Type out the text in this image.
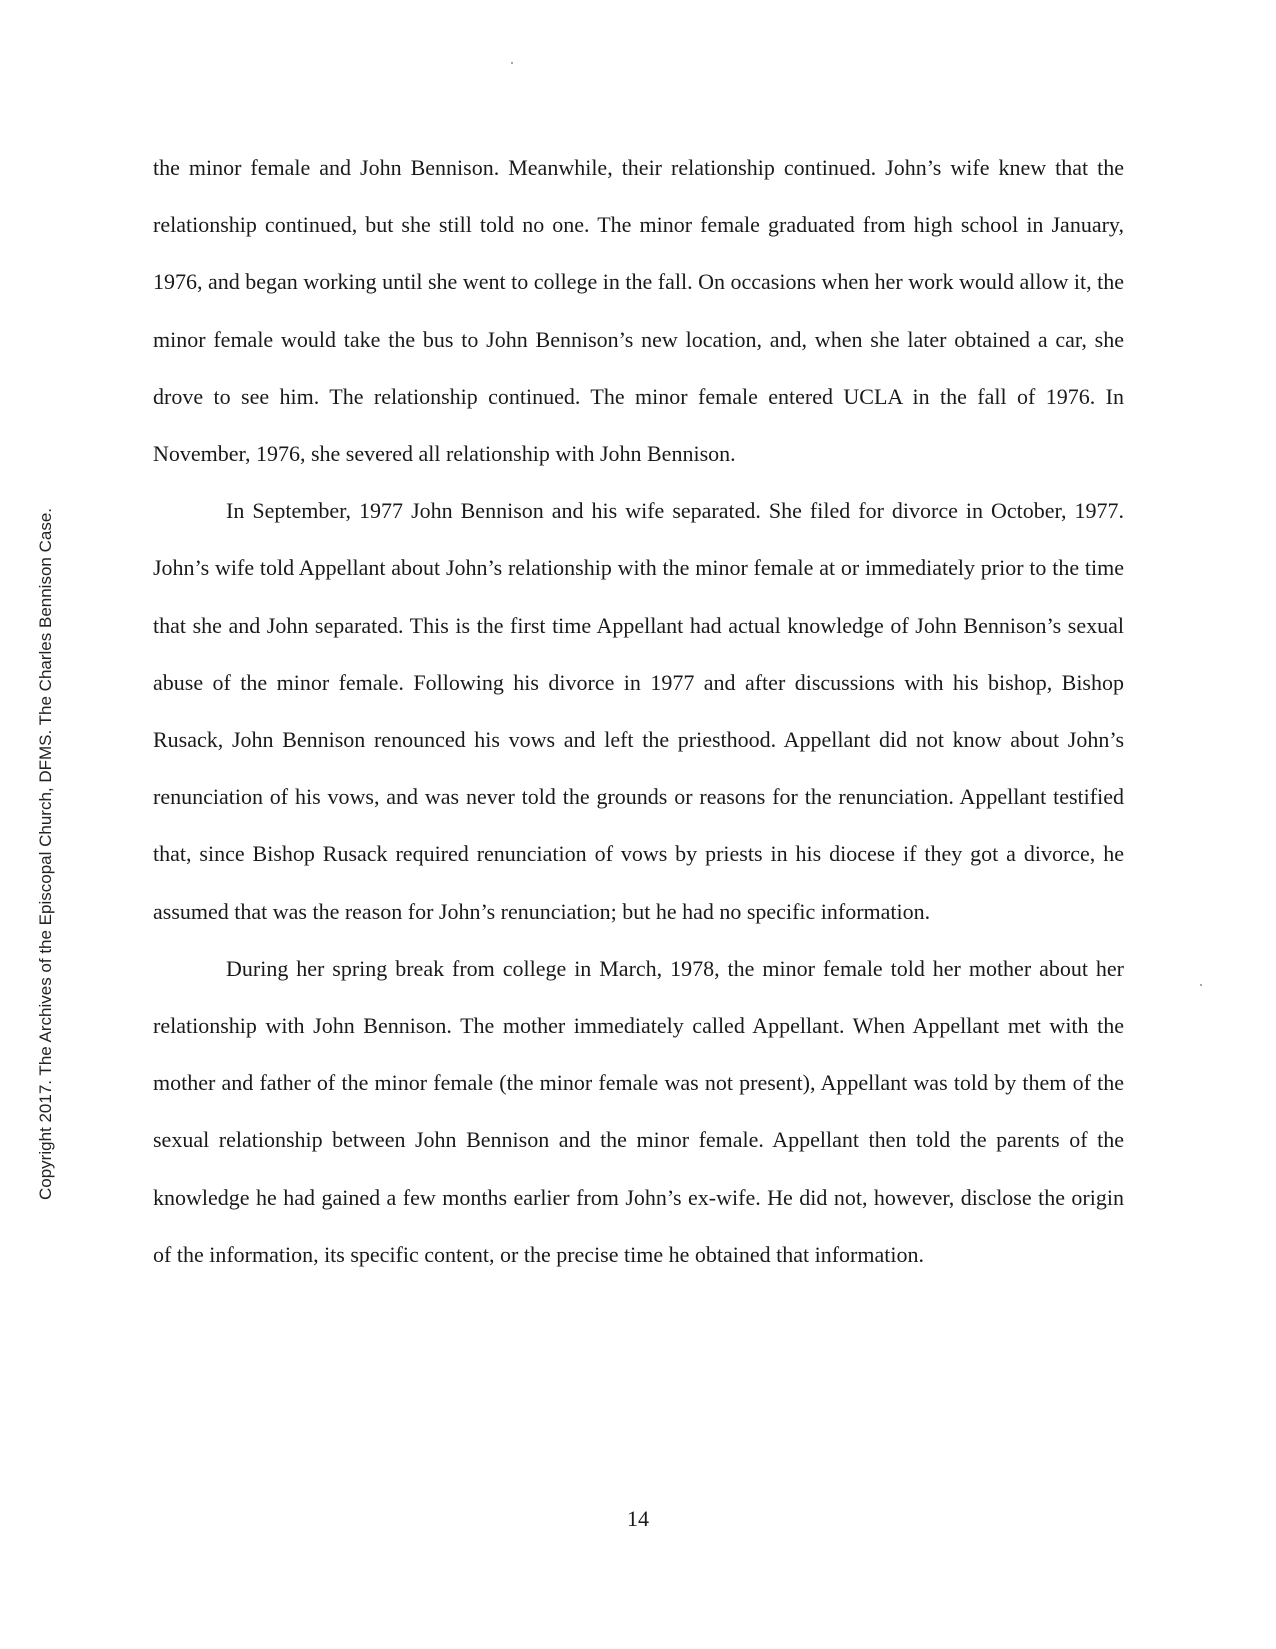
Copyright 2017. The Archives of the Episcopal Church, DFMS. The Charles Bennison Case.

the minor female and John Bennison. Meanwhile, their relationship continued. John’s wife knew that the relationship continued, but she still told no one. The minor female graduated from high school in January, 1976, and began working until she went to college in the fall. On occasions when her work would allow it, the minor female would take the bus to John Bennison’s new location, and, when she later obtained a car, she drove to see him. The relationship continued. The minor female entered UCLA in the fall of 1976. In November, 1976, she severed all relationship with John Bennison.

In September, 1977 John Bennison and his wife separated. She filed for divorce in October, 1977. John’s wife told Appellant about John’s relationship with the minor female at or immediately prior to the time that she and John separated. This is the first time Appellant had actual knowledge of John Bennison’s sexual abuse of the minor female. Following his divorce in 1977 and after discussions with his bishop, Bishop Rusack, John Bennison renounced his vows and left the priesthood. Appellant did not know about John’s renunciation of his vows, and was never told the grounds or reasons for the renunciation. Appellant testified that, since Bishop Rusack required renunciation of vows by priests in his diocese if they got a divorce, he assumed that was the reason for John’s renunciation; but he had no specific information.

During her spring break from college in March, 1978, the minor female told her mother about her relationship with John Bennison. The mother immediately called Appellant. When Appellant met with the mother and father of the minor female (the minor female was not present), Appellant was told by them of the sexual relationship between John Bennison and the minor female. Appellant then told the parents of the knowledge he had gained a few months earlier from John’s ex-wife. He did not, however, disclose the origin of the information, its specific content, or the precise time he obtained that information.

14
